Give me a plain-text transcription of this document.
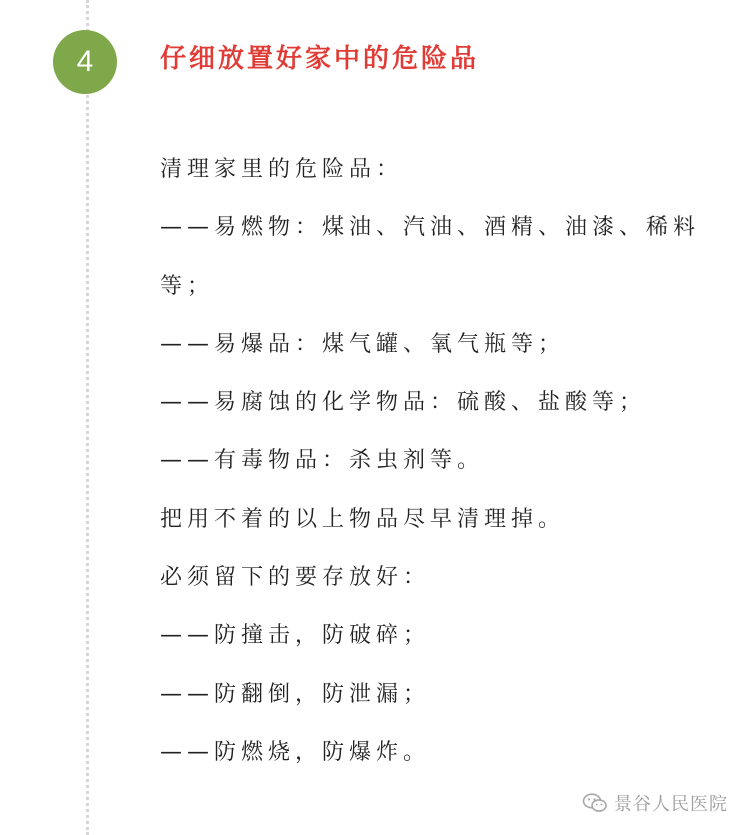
4	仔细放置好家中的危险品

清理家里的危险品：

——易燃物：煤油、汽油、酒精、油漆、稀料等；

——易爆品：煤气罐、氧气瓶等；

——易腐蚀的化学物品：硫酸、盐酸等；

——有毒物品：杀虫剂等。

把用不着的以上物品尽早清理掉。

必须留下的要存放好：

——防撞击，防破碎；

——防翻倒，防泄漏；

——防燃烧，防爆炸。

景谷人民医院
